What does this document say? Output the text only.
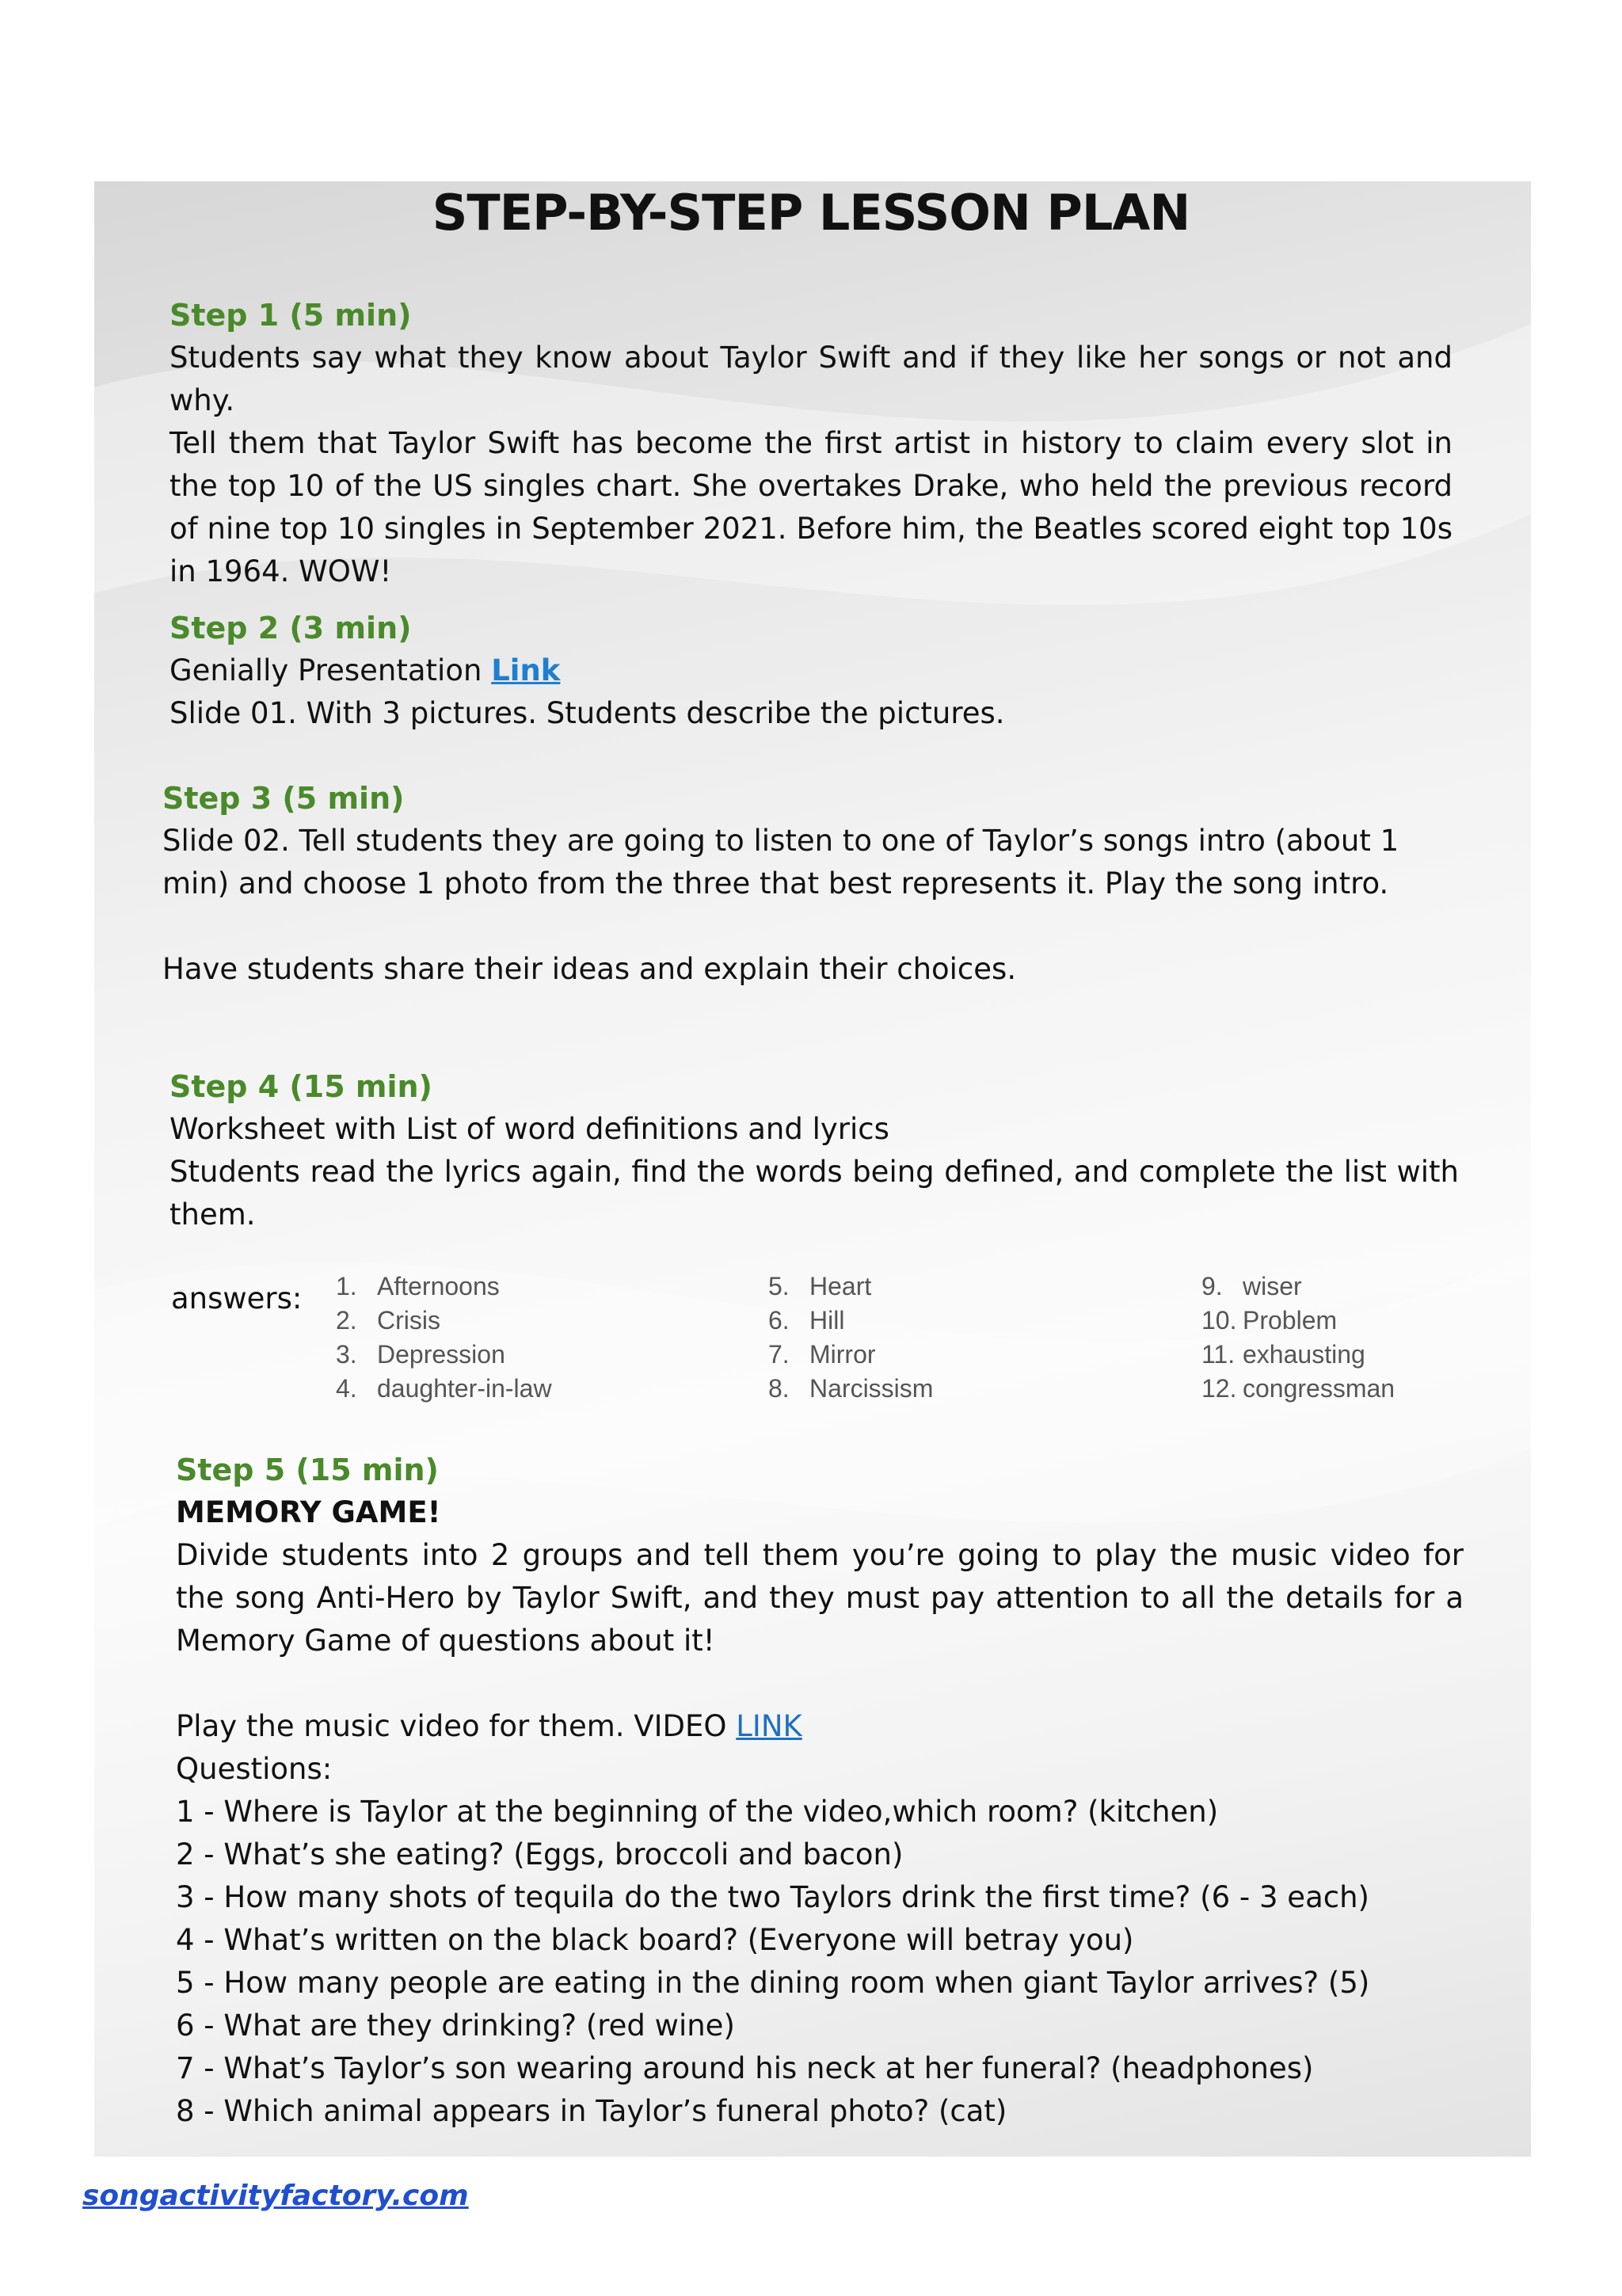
STEP-BY-STEP LESSON PLAN
Step 1 (5 min)
Students say what they know about Taylor Swift and if they like her songs or not and why.
Tell them that Taylor Swift has become the first artist in history to claim every slot in the top 10 of the US singles chart. She overtakes Drake, who held the previous record of nine top 10 singles in September 2021. Before him, the Beatles scored eight top 10s in 1964. WOW!
Step 2 (3 min)
Genially Presentation Link
Slide 01. With 3 pictures. Students describe the pictures.
Step 3 (5 min)
Slide 02. Tell students they are going to listen to one of Taylor’s songs intro (about 1 min) and choose 1 photo from the three that best represents it. Play the song intro.
Have students share their ideas and explain their choices.
Step 4 (15 min)
Worksheet with List of word definitions and lyrics
Students read the lyrics again, find the words being defined, and complete the list with them.
answers: 1. Afternoons
2. Crisis
3. Depression
4. daughter-in-law
5. Heart
6. Hill
7. Mirror
8. Narcissism
9. wiser
10. Problem
11. exhausting
12. congressman
Step 5 (15 min)
MEMORY GAME!
Divide students into 2 groups and tell them you’re going to play the music video for the song Anti-Hero by Taylor Swift, and they must pay attention to all the details for a Memory Game of questions about it!
Play the music video for them. VIDEO LINK
Questions:
1 - Where is Taylor at the beginning of the video,which room? (kitchen)
2 - What’s she eating? (Eggs, broccoli and bacon)
3 - How many shots of tequila do the two Taylors drink the first time? (6 - 3 each)
4 - What’s written on the black board? (Everyone will betray you)
5 - How many people are eating in the dining room when giant Taylor arrives? (5)
6 - What are they drinking? (red wine)
7 - What’s Taylor’s son wearing around his neck at her funeral? (headphones)
8 - Which animal appears in Taylor’s funeral photo? (cat)
songactivityfactory.com
